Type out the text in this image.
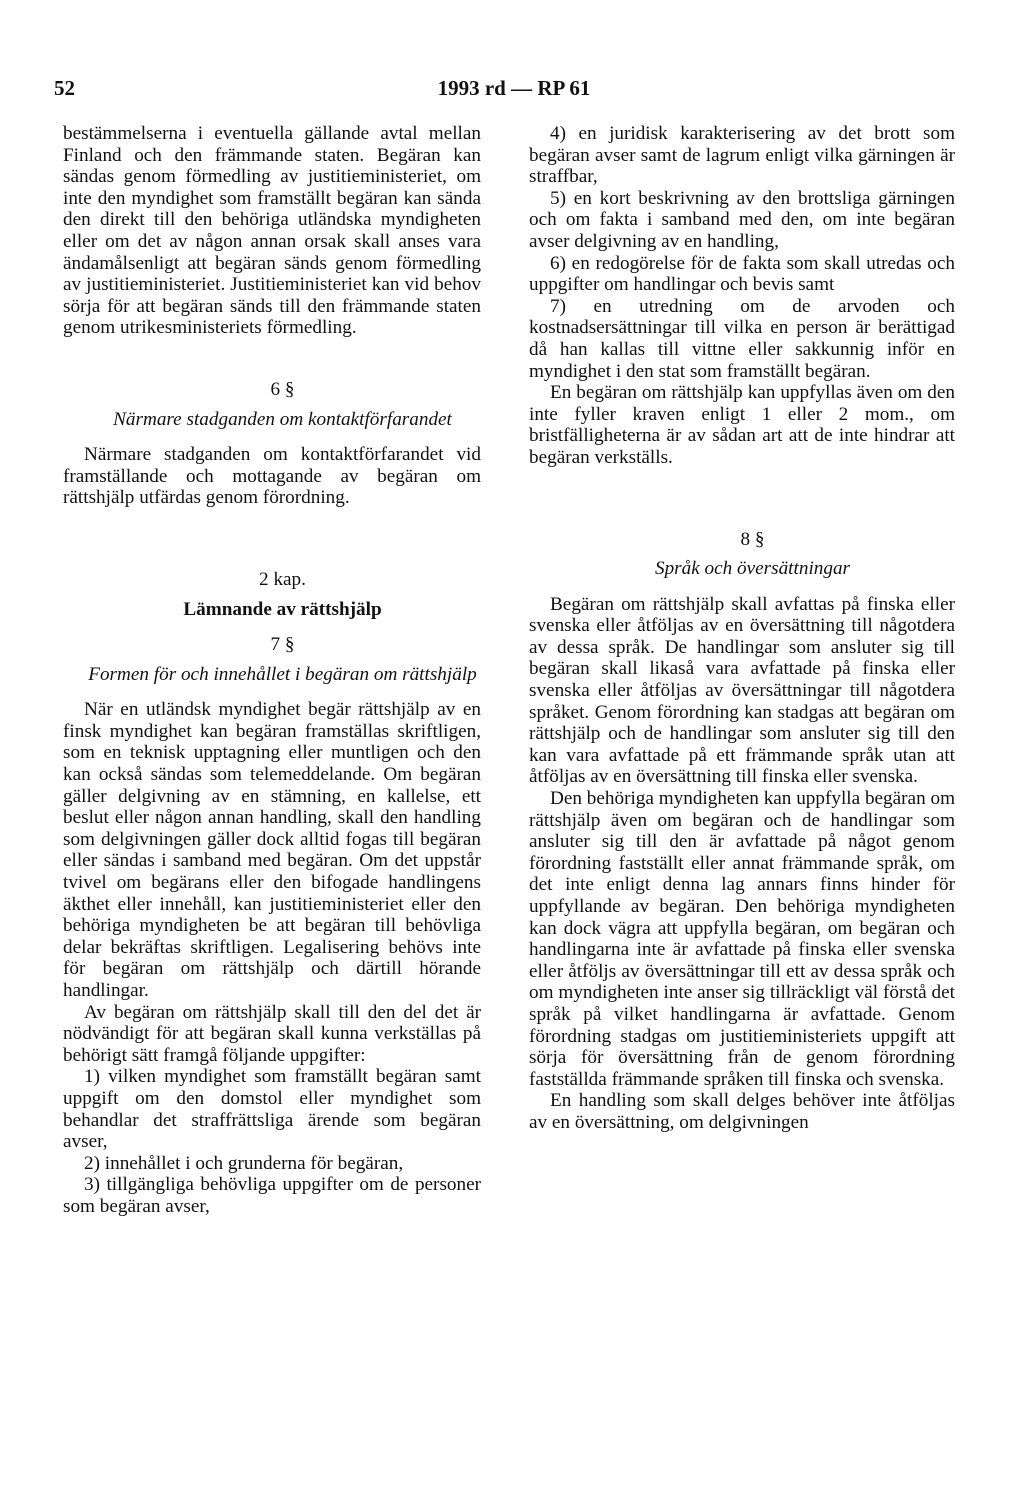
52	1993 rd — RP 61

bestämmelserna i eventuella gällande avtal mellan Finland och den främmande staten. Begäran kan sändas genom förmedling av justitieministeriet, om inte den myndighet som framställt begäran kan sända den direkt till den behöriga utländska myndigheten eller om det av någon annan orsak skall anses vara ändamålsenligt att begäran sänds genom förmedling av justitieministeriet. Justitieministeriet kan vid behov sörja för att begäran sänds till den främmande staten genom utrikesministeriets förmedling.

6 §

Närmare stadganden om kontaktförfarandet

Närmare stadganden om kontaktförfarandet vid framställande och mottagande av begäran om rättshjälp utfärdas genom förordning.

2 kap.

Lämnande av rättshjälp

7 §

Formen för och innehållet i begäran om rättshjälp

När en utländsk myndighet begär rättshjälp av en finsk myndighet kan begäran framställas skriftligen, som en teknisk upptagning eller muntligen och den kan också sändas som telemeddelande. Om begäran gäller delgivning av en stämning, en kallelse, ett beslut eller någon annan handling, skall den handling som delgivningen gäller dock alltid fogas till begäran eller sändas i samband med begäran. Om det uppstår tvivel om begärans eller den bifogade handlingens äkthet eller innehåll, kan justitieministeriet eller den behöriga myndigheten be att begäran till behövliga delar bekräftas skriftligen. Legalisering behövs inte för begäran om rättshjälp och därtill hörande handlingar.

Av begäran om rättshjälp skall till den del det är nödvändigt för att begäran skall kunna verkställas på behörigt sätt framgå följande uppgifter:

1) vilken myndighet som framställt begäran samt uppgift om den domstol eller myndighet som behandlar det straffrättsliga ärende som begäran avser,

2) innehållet i och grunderna för begäran,

3) tillgängliga behövliga uppgifter om de personer som begäran avser,

4) en juridisk karakterisering av det brott som begäran avser samt de lagrum enligt vilka gärningen är straffbar,

5) en kort beskrivning av den brottsliga gärningen och om fakta i samband med den, om inte begäran avser delgivning av en handling,

6) en redogörelse för de fakta som skall utredas och uppgifter om handlingar och bevis samt

7) en utredning om de arvoden och kostnadsersättningar till vilka en person är berättigad då han kallas till vittne eller sakkunnig inför en myndighet i den stat som framställt begäran.

En begäran om rättshjälp kan uppfyllas även om den inte fyller kraven enligt 1 eller 2 mom., om bristfälligheterna är av sådan art att de inte hindrar att begäran verkställs.

8 §

Språk och översättningar

Begäran om rättshjälp skall avfattas på finska eller svenska eller åtföljas av en översättning till någotdera av dessa språk. De handlingar som ansluter sig till begäran skall likaså vara avfattade på finska eller svenska eller åtföljas av översättningar till någotdera språket. Genom förordning kan stadgas att begäran om rättshjälp och de handlingar som ansluter sig till den kan vara avfattade på ett främmande språk utan att åtföljas av en översättning till finska eller svenska.

Den behöriga myndigheten kan uppfylla begäran om rättshjälp även om begäran och de handlingar som ansluter sig till den är avfattade på något genom förordning fastställt eller annat främmande språk, om det inte enligt denna lag annars finns hinder för uppfyllande av begäran. Den behöriga myndigheten kan dock vägra att uppfylla begäran, om begäran och handlingarna inte är avfattade på finska eller svenska eller åtföljs av översättningar till ett av dessa språk och om myndigheten inte anser sig tillräckligt väl förstå det språk på vilket handlingarna är avfattade. Genom förordning stadgas om justitieministeriets uppgift att sörja för översättning från de genom förordning fastställda främmande språken till finska och svenska.

En handling som skall delges behöver inte åtföljas av en översättning, om delgivningen
